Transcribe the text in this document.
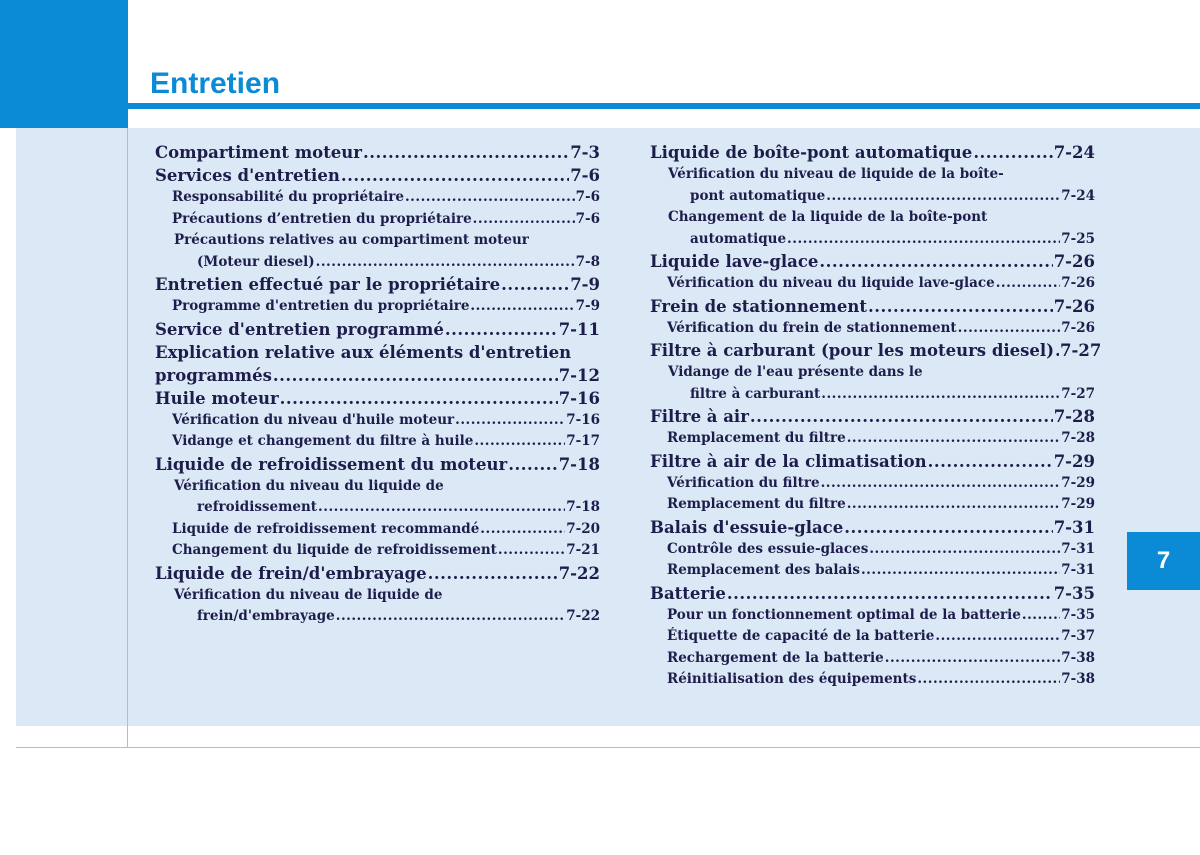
Entretien
7
Compartiment moteur .....	7-3
Services d'entretien .....	7-6
Responsabilité du propriétaire .....	7-6
Précautions d’entretien du propriétaire .....	7-6
Précautions relatives au compartiment moteur
(Moteur diesel) .....	7-8
Entretien effectué par le propriétaire .....	7-9
Programme d'entretien du propriétaire .....	7-9
Service d'entretien programmé .....	7-11
Explication relative aux éléments d'entretien
programmés .....	7-12
Huile moteur .....	7-16
Vérification du niveau d'huile moteur .....	7-16
Vidange et changement du filtre à huile .....	7-17
Liquide de refroidissement du moteur .....	7-18
Vérification du niveau du liquide de
refroidissement .....	7-18
Liquide de refroidissement recommandé .....	7-20
Changement du liquide de refroidissement .....	7-21
Liquide de frein/d'embrayage .....	7-22
Vérification du niveau de liquide de
frein/d'embrayage .....	7-22
Liquide de boîte-pont automatique .....	7-24
Vérification du niveau de liquide de la boîte-
pont automatique .....	7-24
Changement de la liquide de la boîte-pont
automatique .....	7-25
Liquide lave-glace .....	7-26
Vérification du niveau du liquide lave-glace .....	7-26
Frein de stationnement .....	7-26
Vérification du frein de stationnement .....	7-26
Filtre à carburant (pour les moteurs diesel) ..... 7-27
Vidange de l'eau présente dans le
filtre à carburant .....	7-27
Filtre à air .....	7-28
Remplacement du filtre .....	7-28
Filtre à air de la climatisation .....	7-29
Vérification du filtre .....	7-29
Remplacement du filtre .....	7-29
Balais d'essuie-glace .....	7-31
Contrôle des essuie-glaces .....	7-31
Remplacement des balais .....	7-31
Batterie .....	7-35
Pour un fonctionnement optimal de la batterie .....	7-35
Étiquette de capacité de la batterie .....	7-37
Rechargement de la batterie .....	7-38
Réinitialisation des équipements .....	7-38
